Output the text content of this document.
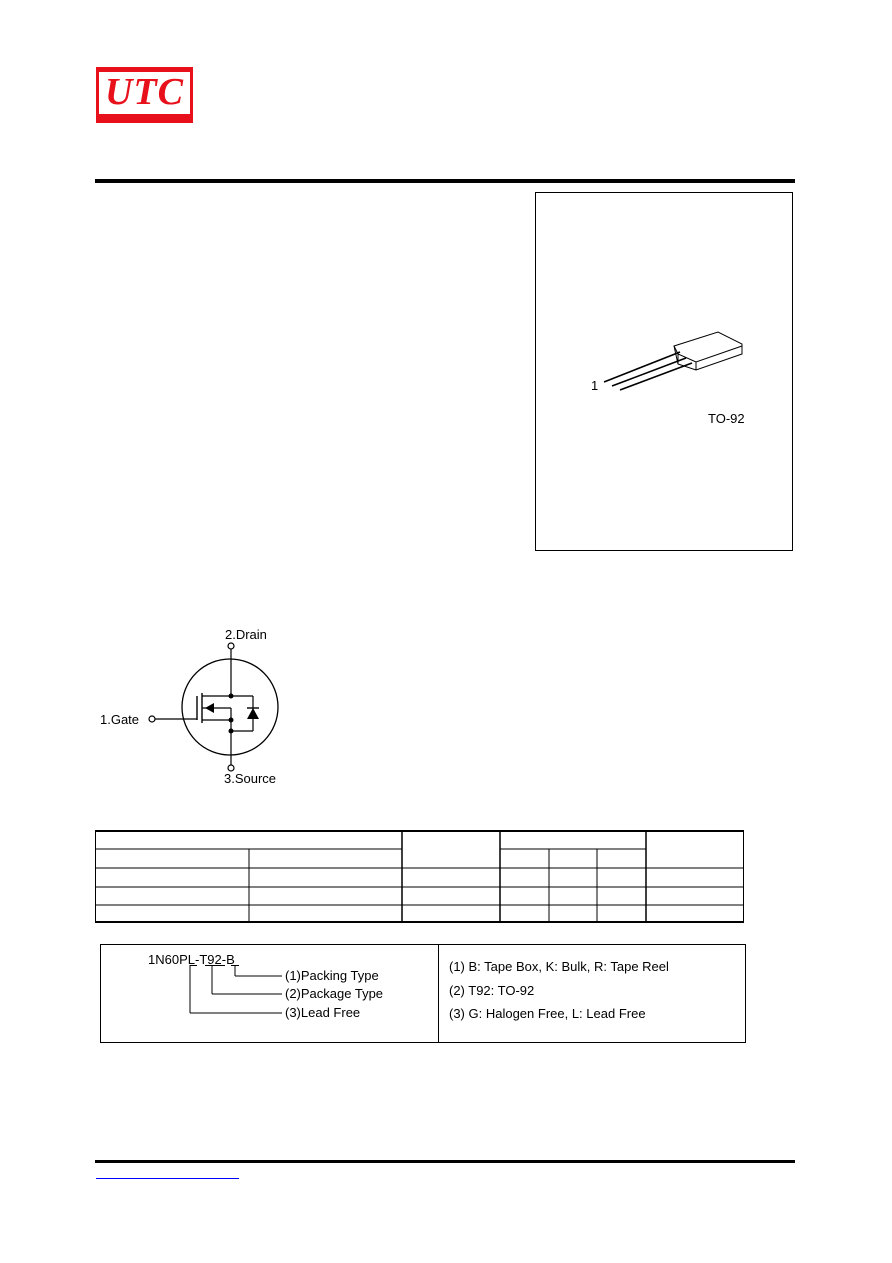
UTC
1
TO-92
2.Drain
1.Gate
3.Source
1N60PL-T92-B
(1)Packing Type
(2)Package Type
(3)Lead Free
(1) B: Tape Box, K: Bulk, R: Tape Reel
(2) T92: TO-92
(3) G: Halogen Free, L: Lead Free
